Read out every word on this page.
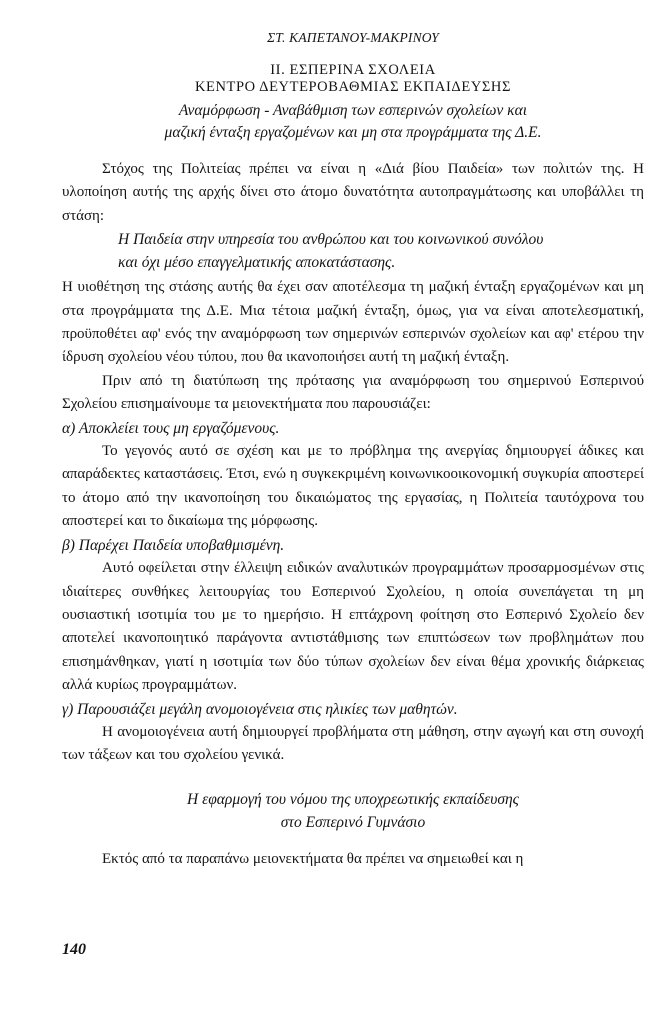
ΣΤ. ΚΑΠΕΤΑΝΟΥ-ΜΑΚΡΙΝΟΥ
ΙΙ. ΕΣΠΕΡΙΝΑ ΣΧΟΛΕΙΑ
ΚΕΝΤΡΟ ΔΕΥΤΕΡΟΒΑΘΜΙΑΣ ΕΚΠΑΙΔΕΥΣΗΣ
Αναμόρφωση - Αναβάθμιση των εσπερινών σχολείων και
μαζική ένταξη εργαζομένων και μη στα προγράμματα της Δ.Ε.

Στόχος της Πολιτείας πρέπει να είναι η «Διά βίου Παιδεία» των πολιτών της. Η υλοποίηση αυτής της αρχής δίνει στο άτομο δυνατότητα αυτοπραγμάτωσης και υποβάλλει τη στάση:

Η Παιδεία στην υπηρεσία του ανθρώπου και του κοινωνικού συνόλου
και όχι μέσο επαγγελματικής αποκατάστασης.

Η υιοθέτηση της στάσης αυτής θα έχει σαν αποτέλεσμα τη μαζική ένταξη εργαζομένων και μη στα προγράμματα της Δ.Ε. Μια τέτοια μαζική ένταξη, όμως, για να είναι αποτελεσματική, προϋποθέτει αφ' ενός την αναμόρφωση των σημερινών εσπερινών σχολείων και αφ' ετέρου την ίδρυση σχολείου νέου τύπου, που θα ικανοποιήσει αυτή τη μαζική ένταξη.

Πριν από τη διατύπωση της πρότασης για αναμόρφωση του σημερινού Εσπερινού Σχολείου επισημαίνουμε τα μειονεκτήματα που παρουσιάζει:

α) Αποκλείει τους μη εργαζόμενους.

Το γεγονός αυτό σε σχέση και με το πρόβλημα της ανεργίας δημιουργεί άδικες και απαράδεκτες καταστάσεις. Έτσι, ενώ η συγκεκριμένη κοινωνικοοικονομική συγκυρία αποστερεί το άτομο από την ικανοποίηση του δικαιώματος της εργασίας, η Πολιτεία ταυτόχρονα του αποστερεί και το δικαίωμα της μόρφωσης.

β) Παρέχει Παιδεία υποβαθμισμένη.

Αυτό οφείλεται στην έλλειψη ειδικών αναλυτικών προγραμμάτων προσαρμοσμένων στις ιδιαίτερες συνθήκες λειτουργίας του Εσπερινού Σχολείου, η οποία συνεπάγεται τη μη ουσιαστική ισοτιμία του με το ημερήσιο. Η επτάχρονη φοίτηση στο Εσπερινό Σχολείο δεν αποτελεί ικανοποιητικό παράγοντα αντιστάθμισης των επιπτώσεων των προβλημάτων που επισημάνθηκαν, γιατί η ισοτιμία των δύο τύπων σχολείων δεν είναι θέμα χρονικής διάρκειας αλλά κυρίως προγραμμάτων.

γ) Παρουσιάζει μεγάλη ανομοιογένεια στις ηλικίες των μαθητών.

Η ανομοιογένεια αυτή δημιουργεί προβλήματα στη μάθηση, στην αγωγή και στη συνοχή των τάξεων και του σχολείου γενικά.

Η εφαρμογή του νόμου της υποχρεωτικής εκπαίδευσης
στο Εσπερινό Γυμνάσιο

Εκτός από τα παραπάνω μειονεκτήματα θα πρέπει να σημειωθεί και η

140
